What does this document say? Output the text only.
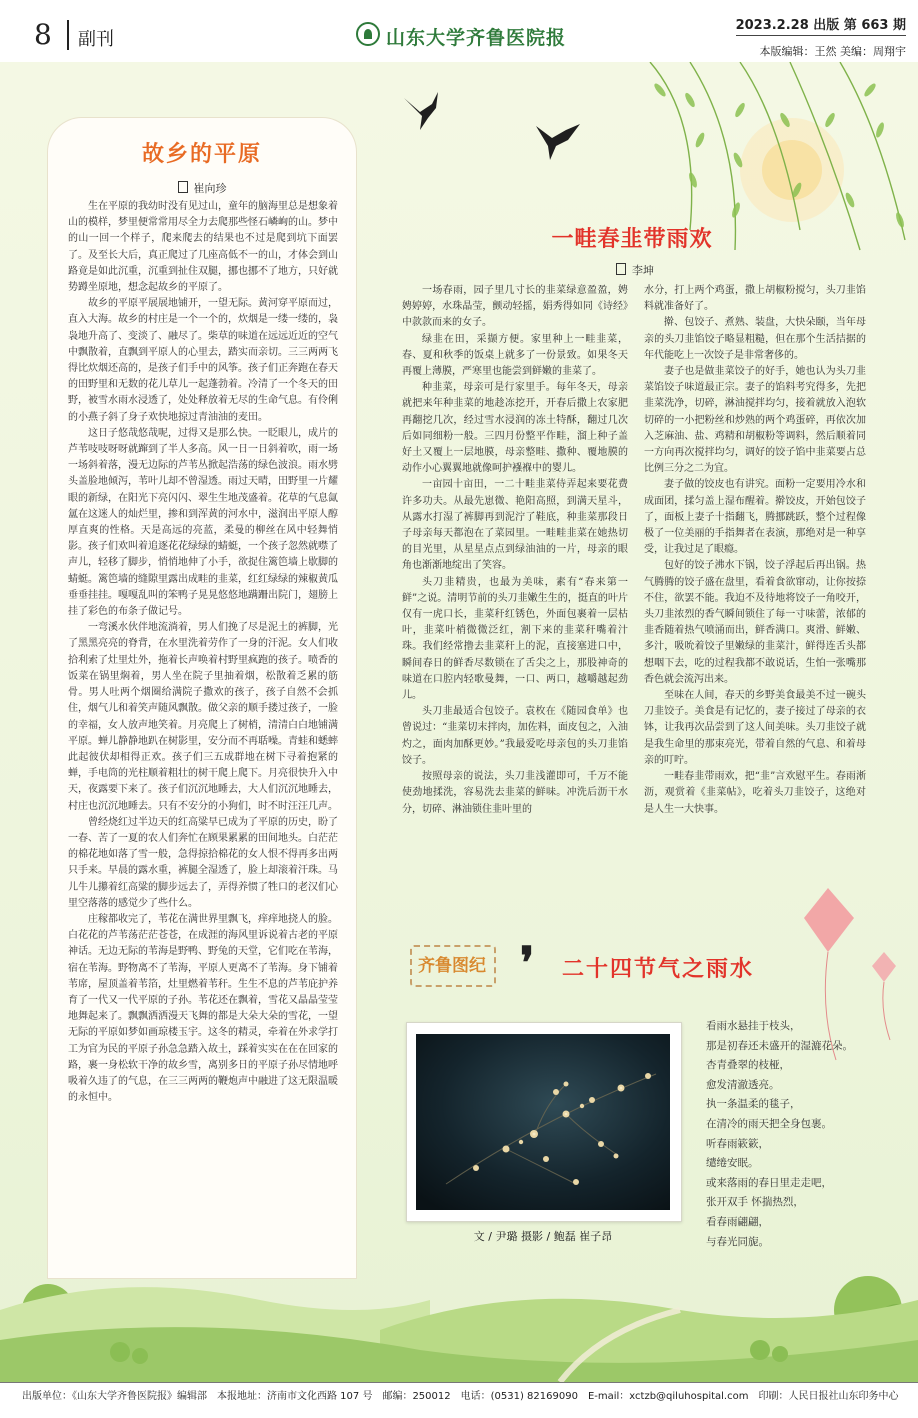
8 副刊	山东大学齐鲁医院报
2023.2.28 出版 第 663 期
本版编辑：王然 美编：周翔宇
故乡的平原
崔向珍

生在平原的我幼时没有见过山，童年的脑海里总是想象着山的模样，梦里便常常用尽全力去爬那些怪石嶙峋的山。梦中的山一回一个样子，爬来爬去的结果也不过是爬到坑下面罢了。及至长大后，真正爬过了几座高低不一的山，才体会到山路竟是如此沉重，沉重到扯住双腿，挪也挪不了地方，只好就势蹲坐原地，想念起故乡的平原了。

故乡的平原平展展地铺开，一望无际。黄河穿平原而过，直入大海。故乡的村庄是一个一个的，炊烟是一缕一缕的，袅袅地升高了、变淡了、融尽了。柴草的味道在远远近近的空气中飘散着，直飘到平原人的心里去，踏实而亲切。三三两两飞得比炊烟还高的，是孩子们手中的风筝。孩子们正奔跑在春天的田野里和无数的花儿草儿一起蓬勃着。冷清了一个冬天的田野，被雪水雨水浸透了，处处释放着无尽的生命气息。有伶俐的小燕子斜了身子欢快地掠过青油油的麦田。

这日子悠哉悠哉呢，过得又是那么快。一眨眼儿，成片的芦苇吱吱呀呀就蹿到了半人多高。风一日一日斜着吹，雨一场一场斜着落，漫无边际的芦苇丛掀起浩荡的绿色波浪。雨水劈头盖脸地倾泻，苇叶儿却不曾湿透。雨过天晴，田野里一片耀眼的新绿，在阳光下亮闪闪、翠生生地茂盛着。花草的气息氤氲在这迷人的灿烂里，掺和到浑黄的河水中，滋润出平原人醇厚直爽的性格。天是高远的亮蓝，柔曼的柳丝在风中轻舞悄影。孩子们欢叫着追逐花花绿绿的蜻蜓，一个孩子忽然就噤了声儿，轻移了脚步，悄悄地伸了小手，欲捉住篱笆墙上歇脚的蜻蜓。篱笆墙的缝隙里露出成畦的韭菜，红红绿绿的辣椒黄瓜垂垂挂挂。嘎嘎乱叫的笨鸭子晃晃悠悠地蹒跚出院门，翅膀上挂了彩色的布条子做记号。

一弯溪水伙伴地流淌着，男人们挽了尽是泥土的裤脚，光了黑黑亮亮的脊背，在水里洗着劳作了一身的汗泥。女人们收拾利索了灶里灶外，拖着长声唤着村野里疯跑的孩子。喷香的饭菜在锅里焖着，男人坐在院子里抽着烟，松散着乏累的筋骨。男人吐两个烟圈给满院子撒欢的孩子，孩子自然不会抓住，烟气儿和着笑声随风飘散。做父亲的顺手搂过孩子，一脸的幸福，女人放声地笑着。月亮爬上了树梢，清清白白地铺满平原。蝉儿静静地趴在树影里，安分而不再聒噪。青蛙和蟋蟀此起彼伏却相得正欢。孩子们三五成群地在树下寻着抱紧的蝉，手电筒的光柱顺着粗壮的树干爬上爬下。月亮很快升入中天，夜露要下来了。孩子们沉沉地睡去，大人们沉沉地睡去，村庄也沉沉地睡去。只有不安分的小狗们，时不时汪汪几声。

曾经烧红过半边天的红高粱早已成为了平原的历史，盼了一春、苦了一夏的农人们奔忙在顾果累累的田间地头。白茫茫的棉花地如落了雪一般，急得掠拾棉花的女人恨不得再多出两只手来。早晨的露水重，裤腿全湿透了，脸上却滚着汗珠。马儿牛儿攥着红高粱的脚步远去了，弄得养惯了牲口的老汉们心里空落落的感觉少了些什么。

庄稼都收完了，苇花在满世界里飘飞，痒痒地挠人的脸。白花花的芦苇荡茫茫苍苍，在成涯的海风里诉说着古老的平原神话。无边无际的苇海是野鸭、野兔的天堂，它们吃在苇海，宿在苇海。野物离不了苇海，平原人更离不了苇海。身下铺着苇席，屋顶盖着苇箔，灶里燃着苇秆。生生不息的芦苇庇护养育了一代又一代平原的子孙。苇花还在飘着，雪花又晶晶莹莹地舞起来了。飘飘洒洒漫天飞舞的都是大朵大朵的雪花，一望无际的平原如梦如画琼楼玉宇。这冬的精灵，牵着在外求学打工为官为民的平原子孙急急踏入故土，踩着实实在在在回家的路，裹一身松软干净的故乡雪，离别多日的平原子孙尽情地呼吸着久违了的气息，在三三两两的鞭炮声中融进了这无限温暖的永恒中。

一畦春韭带雨欢
李坤

一场春雨，园子里几寸长的韭菜绿意盈盈，娉娉婷婷，水珠晶莹，颤动轻摇，娟秀得如同《诗经》中款款而来的女子。

绿韭在田，采撷方便。家里种上一畦韭菜，春、夏和秋季的饭桌上就多了一份景致。如果冬天再覆上薄膜，严寒里也能尝到鲜嫩的韭菜了。

种韭菜，母亲可是行家里手。每年冬天，母亲就把来年种韭菜的地趁冻挖开，开春后撒上农家肥再翻挖几次，经过雪水浸润的冻土特酥，翻过几次后如同细粉一般。三四月份整平作畦，溜上种子盖好土又覆上一层地膜，母亲整畦、撒种、覆地膜的动作小心翼翼地就像呵护襁褓中的婴儿。

一亩园十亩田，一二十畦韭菜侍弄起来要花费许多功夫。从最先崽微、艳阳高照，到满天星斗，从露水打湿了裤脚再到泥泞了鞋底，种韭菜那段日子母亲每天都泡在了菜园里。一畦畦韭菜在她热切的目光里，从星星点点到绿油油的一片，母亲的眼角也渐渐地绽出了笑容。

头刀韭精贵，也最为美味，素有“春来第一鲜”之说。清明节前的头刀韭嫩生生的，挺直的叶片仅有一虎口长，韭菜秆红锈色，外面包裹着一层枯叶，韭菜叶梢微微泛红，割下来的韭菜秆嘴着汁珠。我们经常撸去韭菜秆上的泥，直接塞进口中，瞬间春日的鲜香尽数锁在了舌尖之上，那股神奇的味道在口腔内轻歌曼舞，一口、两口，越嚼越起劲儿。

头刀韭最适合包饺子。袁枚在《随园食单》也曾说过：“韭菜切末拌肉，加佐料，面皮包之，入油灼之，面肉加酥更妙。”我最爱吃母亲包的头刀韭馅饺子。

按照母亲的说法，头刀韭浅灌即可，千万不能使劲地揉洗，容易洗去韭菜的鲜味。冲洗后沥干水分，切碎、淋油锁住韭叶里的

水分，打上两个鸡蛋，撒上胡椒粉搅匀，头刀韭馅料就准备好了。

擀、包饺子、煮熟、装盘，大快朵颐，当年母亲的头刀韭馅饺子略显粗糙，但在那个生活拮据的年代能吃上一次饺子是非常奢侈的。

妻子也是做韭菜饺子的好手，她也认为头刀韭菜馅饺子味道最正宗。妻子的馅料考究得多，先把韭菜洗净，切碎，淋油搅拌均匀，接着就放入泡软切碎的一小把粉丝和炒熟的两个鸡蛋碎，再依次加入芝麻油、盐、鸡精和胡椒粉等调料，然后顺着同一方向再次搅拌均匀，调好的饺子馅中韭菜要占总比例三分之二为宜。

妻子做的饺皮也有讲究。面粉一定要用冷水和成面团，揉匀盖上湿布醒着。擀饺皮，开始包饺子了，面板上妻子十指翻飞，腾挪跳跃，整个过程像极了一位美丽的手指舞者在表演，那绝对是一种享受，让我过足了眼瘾。

包好的饺子沸水下锅，饺子浮起后再出锅。热气腾腾的饺子盛在盘里，看着食欲窜动，让你按捺不住，欲罢不能。我迫不及待地将饺子一角咬开，头刀韭浓烈的香气瞬间锁住了每一寸味蕾，浓郁的韭香随着热气喷涌而出，鲜香满口。爽滑、鲜嫩、多汁，吸吮着饺子里嫩绿的韭菜汁，鲜得连舌头都想咽下去，吃的过程我都不敢说话，生怕一张嘴那香色就会流泻出来。

至味在人间，春天的乡野美食最美不过一碗头刀韭饺子。美食是有记忆的，妻子接过了母亲的衣钵，让我再次品尝到了这人间美味。头刀韭饺子就是我生命里的那束亮光，带着自然的气息、和着母亲的叮咛。

一畦春韭带雨欢，把“韭”言欢慰平生。春雨淅沥，观赏着《韭菜帖》，吃着头刀韭饺子，这绝对是人生一大快事。

齐鲁图纪 ❜ 二十四节气之雨水
文 / 尹璐 摄影 / 鲍磊 崔子昂
看雨水悬挂于枝头，
那是初春还未盛开的湿漉花朵。
杏青叠翠的枝桠，
愈发清澈透亮。
执一条温柔的毯子，
在清冷的雨天把全身包裹。
听春雨簌簌，
缱绻安眠。
或来落雨的春日里走走吧，
张开双手 怀揣热烈，
看春雨翩翩，
与春光同旎。
出版单位：《山东大学齐鲁医院报》编辑部　本报地址：济南市文化西路 107 号　邮编：250012　电话：(0531) 82169090　E-mail：xctzb@qiluhospital.com　印刷：人民日报社山东印务中心
